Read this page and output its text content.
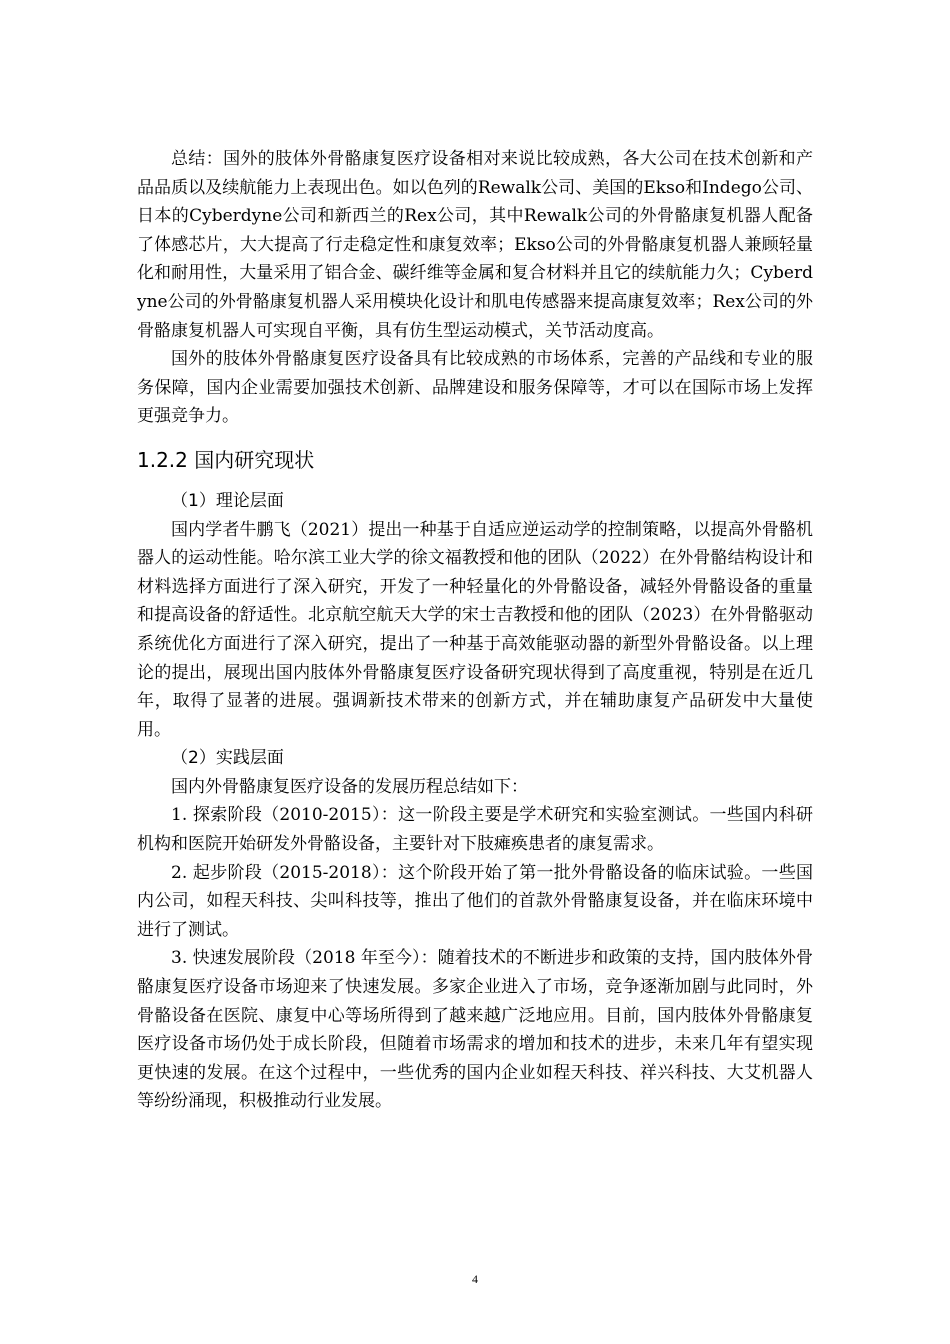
总结：国外的肢体外骨骼康复医疗设备相对来说比较成熟，各大公司在技术创新和产品品质以及续航能力上表现出色。如以色列的Rewalk公司、美国的Ekso和Indego公司、日本的Cyberdyne公司和新西兰的Rex公司，其中Rewalk公司的外骨骼康复机器人配备了体感芯片，大大提高了行走稳定性和康复效率；Ekso公司的外骨骼康复机器人兼顾轻量化和耐用性，大量采用了铝合金、碳纤维等金属和复合材料并且它的续航能力久；Cyberdyne公司的外骨骼康复机器人采用模块化设计和肌电传感器来提高康复效率；Rex公司的外骨骼康复机器人可实现自平衡，具有仿生型运动模式，关节活动度高。

国外的肢体外骨骼康复医疗设备具有比较成熟的市场体系，完善的产品线和专业的服务保障，国内企业需要加强技术创新、品牌建设和服务保障等，才可以在国际市场上发挥更强竞争力。

1.2.2 国内研究现状

（1）理论层面

国内学者牛鹏飞（2021）提出一种基于自适应逆运动学的控制策略，以提高外骨骼机器人的运动性能。哈尔滨工业大学的徐文福教授和他的团队（2022）在外骨骼结构设计和材料选择方面进行了深入研究，开发了一种轻量化的外骨骼设备，减轻外骨骼设备的重量和提高设备的舒适性。北京航空航天大学的宋士吉教授和他的团队（2023）在外骨骼驱动系统优化方面进行了深入研究，提出了一种基于高效能驱动器的新型外骨骼设备。以上理论的提出，展现出国内肢体外骨骼康复医疗设备研究现状得到了高度重视，特别是在近几年，取得了显著的进展。强调新技术带来的创新方式，并在辅助康复产品研发中大量使用。

（2）实践层面

国内外骨骼康复医疗设备的发展历程总结如下：

1. 探索阶段（2010-2015）：这一阶段主要是学术研究和实验室测试。一些国内科研机构和医院开始研发外骨骼设备，主要针对下肢瘫痪患者的康复需求。

2. 起步阶段（2015-2018）：这个阶段开始了第一批外骨骼设备的临床试验。一些国内公司，如程天科技、尖叫科技等，推出了他们的首款外骨骼康复设备，并在临床环境中进行了测试。

3. 快速发展阶段（2018 年至今）：随着技术的不断进步和政策的支持，国内肢体外骨骼康复医疗设备市场迎来了快速发展。多家企业进入了市场，竞争逐渐加剧与此同时，外骨骼设备在医院、康复中心等场所得到了越来越广泛地应用。目前，国内肢体外骨骼康复医疗设备市场仍处于成长阶段，但随着市场需求的增加和技术的进步，未来几年有望实现更快速的发展。在这个过程中，一些优秀的国内企业如程天科技、祥兴科技、大艾机器人等纷纷涌现，积极推动行业发展。

4
